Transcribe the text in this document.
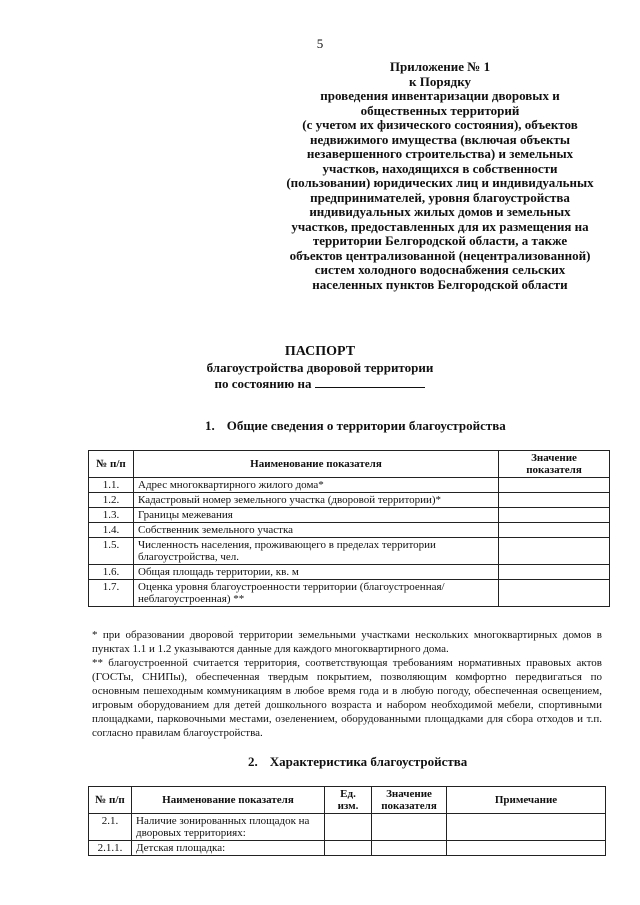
5
Приложение № 1
к Порядку
проведения инвентаризации дворовых и
общественных территорий
(с учетом их физического состояния), объектов
недвижимого имущества (включая объекты
незавершенного строительства) и земельных
участков, находящихся в собственности
(пользовании) юридических лиц и индивидуальных
предпринимателей, уровня благоустройства
индивидуальных жилых домов и земельных
участков, предоставленных для их размещения на
территории Белгородской области, а также
объектов централизованной (нецентрализованной)
систем холодного водоснабжения сельских
населенных пунктов Белгородской области
ПАСПОРТ
благоустройства дворовой территории
по состоянию на
1. Общие сведения о территории благоустройства
№ п/п	Наименование показателя	Значение показателя
1.1.	Адрес многоквартирного жилого дома*	
1.2.	Кадастровый номер земельного участка (дворовой территории)*	
1.3.	Границы межевания	
1.4.	Собственник земельного участка	
1.5.	Численность населения, проживающего в пределах территории благоустройства, чел.	
1.6.	Общая площадь территории, кв. м	
1.7.	Оценка уровня благоустроенности территории (благоустроенная/ неблагоустроенная) **	

* при образовании дворовой территории земельными участками нескольких многоквартирных домов в пунктах 1.1 и 1.2 указываются данные для каждого многоквартирного дома.

** благоустроенной считается территория, соответствующая требованиям нормативных правовых актов (ГОСТы, СНИПы), обеспеченная твердым покрытием, позволяющим комфортно передвигаться по основным пешеходным коммуникациям в любое время года и в любую погоду, обеспеченная освещением, игровым оборудованием для детей дошкольного возраста и набором необходимой мебели, спортивными площадками, парковочными местами, озеленением, оборудованными площадками для сбора отходов и т.п. согласно правилам благоустройства.

2. Характеристика благоустройства
№ п/п	Наименование показателя	Ед. изм.	Значение показателя	Примечание
2.1.	Наличие зонированных площадок на дворовых территориях:			
2.1.1.	Детская площадка:			
